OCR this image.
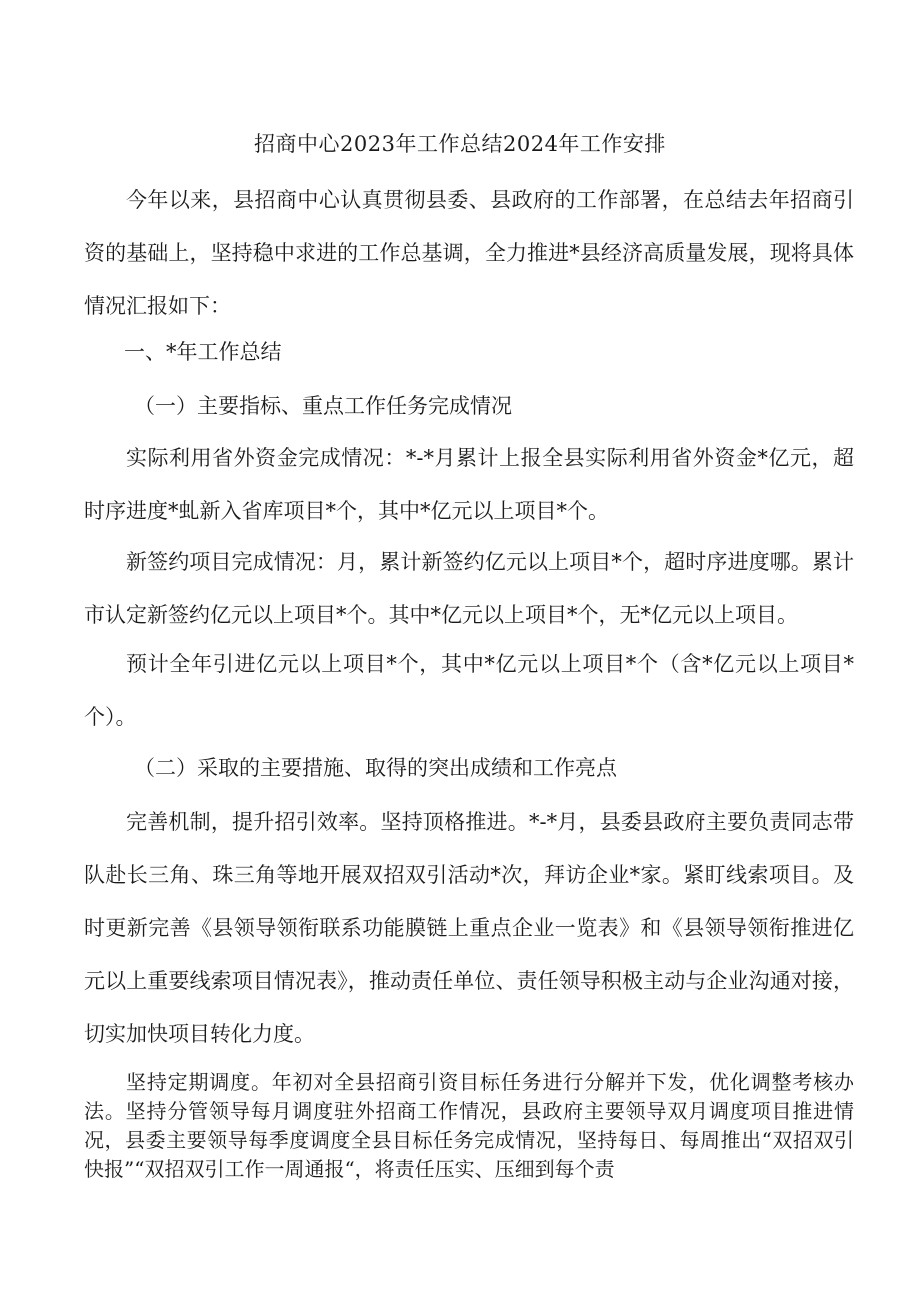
招商中心2023年工作总结2024年工作安排
今年以来，县招商中心认真贯彻县委、县政府的工作部署，在总结去年招商引资的基础上，坚持稳中求进的工作总基调，全力推进*县经济高质量发展，现将具体情况汇报如下：
一、*年工作总结
（一）主要指标、重点工作任务完成情况
实际利用省外资金完成情况：*-*月累计上报全县实际利用省外资金*亿元，超时序进度*虬新入省库项目*个，其中*亿元以上项目*个。
新签约项目完成情况：月，累计新签约亿元以上项目*个，超时序进度哪。累计市认定新签约亿元以上项目*个。其中*亿元以上项目*个，无*亿元以上项目。
预计全年引进亿元以上项目*个，其中*亿元以上项目*个（含*亿元以上项目*个）。
（二）采取的主要措施、取得的突出成绩和工作亮点
完善机制，提升招引效率。坚持顶格推进。*-*月，县委县政府主要负责同志带队赴长三角、珠三角等地开展双招双引活动*次，拜访企业*家。紧盯线索项目。及时更新完善《县领导领衔联系功能膜链上重点企业一览表》和《县领导领衔推进亿元以上重要线索项目情况表》，推动责任单位、责任领导积极主动与企业沟通对接，切实加快项目转化力度。
坚持定期调度。年初对全县招商引资目标任务进行分解并下发，优化调整考核办法。坚持分管领导每月调度驻外招商工作情况，县政府主要领导双月调度项目推进情况，县委主要领导每季度调度全县目标任务完成情况，坚持每日、每周推出“双招双引快报”“双招双引工作一周通报“，将责任压实、压细到每个责
